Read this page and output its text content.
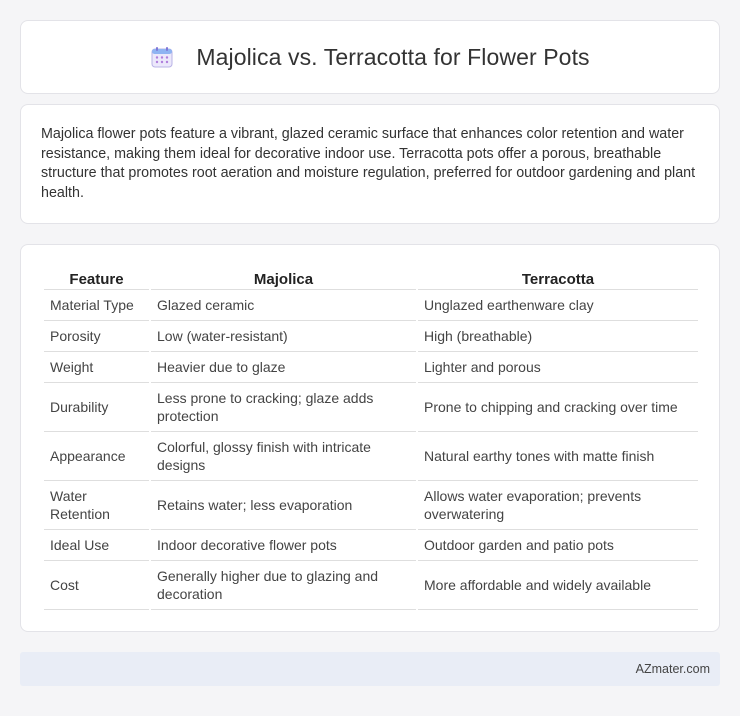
Majolica vs. Terracotta for Flower Pots

Majolica flower pots feature a vibrant, glazed ceramic surface that enhances color retention and water resistance, making them ideal for decorative indoor use. Terracotta pots offer a porous, breathable structure that promotes root aeration and moisture regulation, preferred for outdoor gardening and plant health.

Feature	Majolica	Terracotta
Material Type	Glazed ceramic	Unglazed earthenware clay
Porosity	Low (water-resistant)	High (breathable)
Weight	Heavier due to glaze	Lighter and porous
Durability	Less prone to cracking; glaze adds protection	Prone to chipping and cracking over time
Appearance	Colorful, glossy finish with intricate designs	Natural earthy tones with matte finish
Water Retention	Retains water; less evaporation	Allows water evaporation; prevents overwatering
Ideal Use	Indoor decorative flower pots	Outdoor garden and patio pots
Cost	Generally higher due to glazing and decoration	More affordable and widely available
AZmater.com
